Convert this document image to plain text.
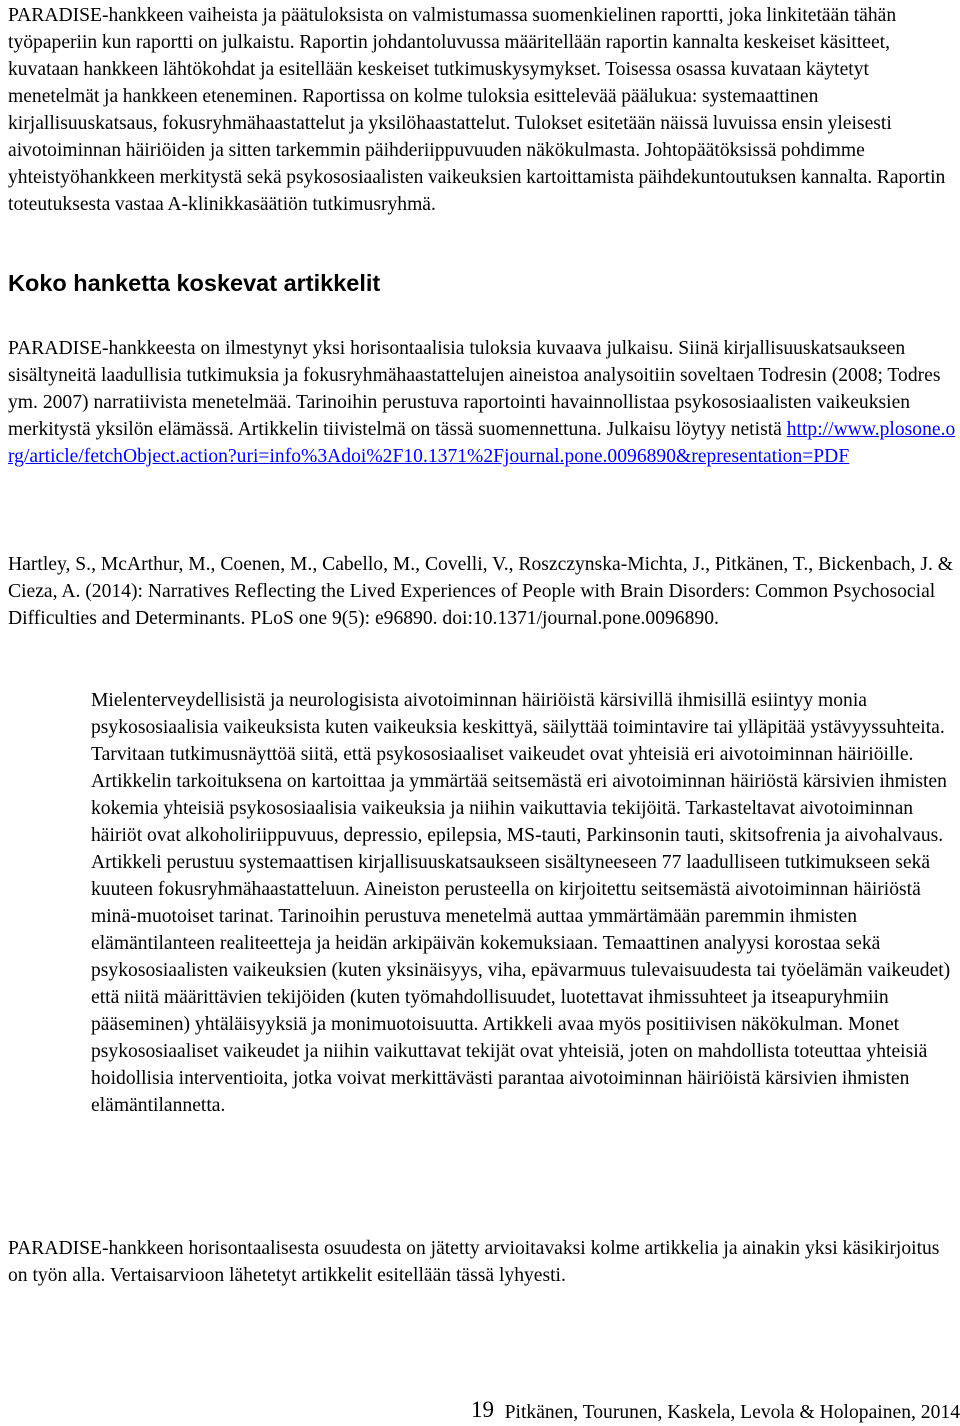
PARADISE-hankkeen vaiheista ja päätuloksista on valmistumassa suomenkielinen raportti, joka linkitetään tähän työpaperiin kun raportti on julkaistu. Raportin johdantoluvussa määritellään raportin kannalta keskeiset käsitteet, kuvataan hankkeen lähtökohdat ja esitellään keskeiset tutkimuskysymykset. Toisessa osassa kuvataan käytetyt menetelmät ja hankkeen eteneminen. Raportissa on kolme tuloksia esittelevää päälukua: systemaattinen kirjallisuuskatsaus, fokusryhmähaastattelut ja yksilöhaastattelut. Tulokset esitetään näissä luvuissa ensin yleisesti aivotoiminnan häiriöiden ja sitten tarkemmin päihderiippuvuuden näkökulmasta. Johtopäätöksissä pohdimme yhteistyöhankkeen merkitystä sekä psykososiaalisten vaikeuksien kartoittamista päihdekuntoutuksen kannalta. Raportin toteutuksesta vastaa A-klinikkasäätiön tutkimusryhmä.

Koko hanketta koskevat artikkelit

PARADISE-hankkeesta on ilmestynyt yksi horisontaalisia tuloksia kuvaava julkaisu. Siinä kirjallisuuskatsaukseen sisältyneitä laadullisia tutkimuksia ja fokusryhmähaastattelujen aineistoa analysoitiin soveltaen Todresin (2008; Todres ym. 2007) narratiivista menetelmää. Tarinoihin perustuva raportointi havainnollistaa psykososiaalisten vaikeuksien merkitystä yksilön elämässä. Artikkelin tiivistelmä on tässä suomennettuna. Julkaisu löytyy netistä http://www.plosone.org/article/fetchObject.action?uri=info%3Adoi%2F10.1371%2Fjournal.pone.0096890&representation=PDF

Hartley, S., McArthur, M., Coenen, M., Cabello, M., Covelli, V., Roszczynska-Michta, J., Pitkänen, T., Bickenbach, J. & Cieza, A. (2014): Narratives Reflecting the Lived Experiences of People with Brain Disorders: Common Psychosocial Difficulties and Determinants. PLoS one 9(5): e96890. doi:10.1371/journal.pone.0096890.

Mielenterveydellisistä ja neurologisista aivotoiminnan häiriöistä kärsivillä ihmisillä esiintyy monia psykososiaalisia vaikeuksista kuten vaikeuksia keskittyä, säilyttää toimintavire tai ylläpitää ystävyyssuhteita. Tarvitaan tutkimusnäyttöä siitä, että psykososiaaliset vaikeudet ovat yhteisiä eri aivotoiminnan häiriöille. Artikkelin tarkoituksena on kartoittaa ja ymmärtää seitsemästä eri aivotoiminnan häiriöstä kärsivien ihmisten kokemia yhteisiä psykososiaalisia vaikeuksia ja niihin vaikuttavia tekijöitä. Tarkasteltavat aivotoiminnan häiriöt ovat alkoholiriippuvuus, depressio, epilepsia, MS-tauti, Parkinsonin tauti, skitsofrenia ja aivohalvaus. Artikkeli perustuu systemaattisen kirjallisuuskatsaukseen sisältyneeseen 77 laadulliseen tutkimukseen sekä kuuteen fokusryhmähaastatteluun. Aineiston perusteella on kirjoitettu seitsemästä aivotoiminnan häiriöstä minä-muotoiset tarinat. Tarinoihin perustuva menetelmä auttaa ymmärtämään paremmin ihmisten elämäntilanteen realiteetteja ja heidän arkipäivän kokemuksiaan. Temaattinen analyysi korostaa sekä psykososiaalisten vaikeuksien (kuten yksinäisyys, viha, epävarmuus tulevaisuudesta tai työelämän vaikeudet) että niitä määrittävien tekijöiden (kuten työmahdollisuudet, luotettavat ihmissuhteet ja itseapuryhmiin pääseminen) yhtäläisyyksiä ja monimuotoisuutta. Artikkeli avaa myös positiivisen näkökulman. Monet psykososiaaliset vaikeudet ja niihin vaikuttavat tekijät ovat yhteisiä, joten on mahdollista toteuttaa yhteisiä hoidollisia interventioita, jotka voivat merkittävästi parantaa aivotoiminnan häiriöistä kärsivien ihmisten elämäntilannetta.

PARADISE-hankkeen horisontaalisesta osuudesta on jätetty arvioitavaksi kolme artikkelia ja ainakin yksi käsikirjoitus on työn alla. Vertaisarvioon lähetetyt artikkelit esitellään tässä lyhyesti.

19 Pitkänen, Tourunen, Kaskela, Levola & Holopainen, 2014
